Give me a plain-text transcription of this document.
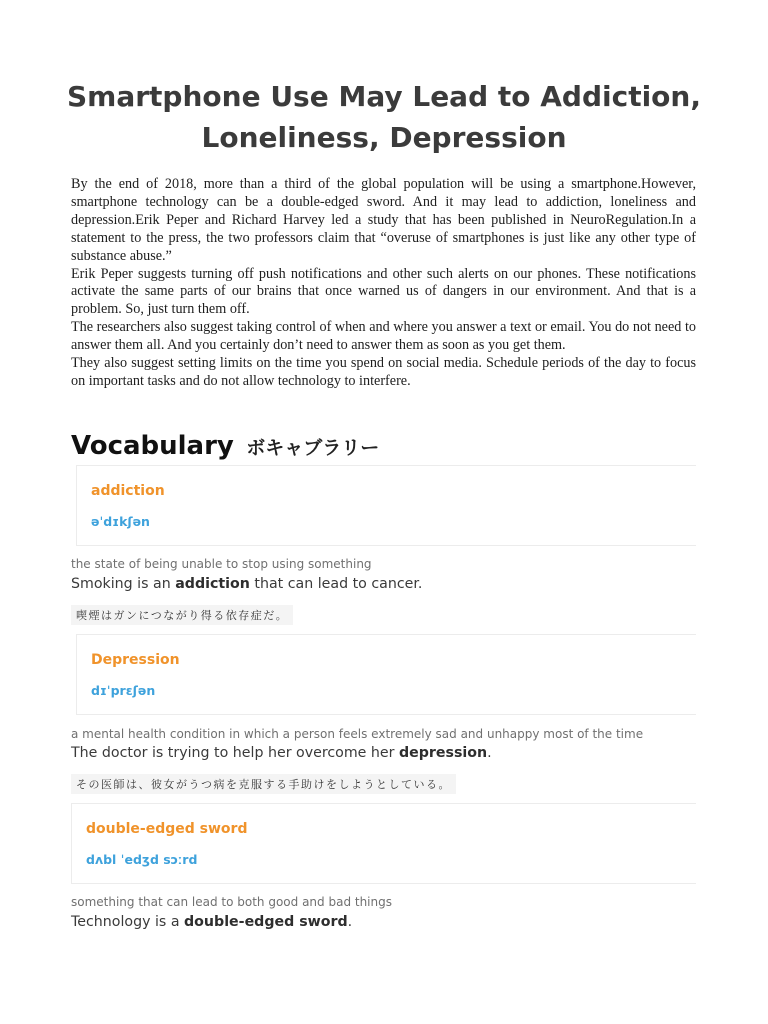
Smartphone Use May Lead to Addiction,
Loneliness, Depression

By the end of 2018, more than a third of the global population will be using a smartphone.However, smartphone technology can be a double-edged sword. And it may lead to addiction, loneliness and depression.Erik Peper and Richard Harvey led a study that has been published in NeuroRegulation.In a statement to the press, the two professors claim that “overuse of smartphones is just like any other type of substance abuse.”

Erik Peper suggests turning off push notifications and other such alerts on our phones. These notifications activate the same parts of our brains that once warned us of dangers in our environment. And that is a problem. So, just turn them off.

The researchers also suggest taking control of when and where you answer a text or email. You do not need to answer them all. And you certainly don’t need to answer them as soon as you get them.

They also suggest setting limits on the time you spend on social media. Schedule periods of the day to focus on important tasks and do not allow technology to interfere.

Vocabulary ボキャブラリー
addiction
əˈdɪkʃən
the state of being unable to stop using something
Smoking is an addiction that can lead to cancer.
喫煙はガンにつながり得る依存症だ。
Depression
dɪˈprɛʃən
a mental health condition in which a person feels extremely sad and unhappy most of the time
The doctor is trying to help her overcome her depression.
その医師は、彼女がうつ病を克服する手助けをしようとしている。
double-edged sword
dʌbl ˈedʒd sɔːrd
something that can lead to both good and bad things
Technology is a double-edged sword.
